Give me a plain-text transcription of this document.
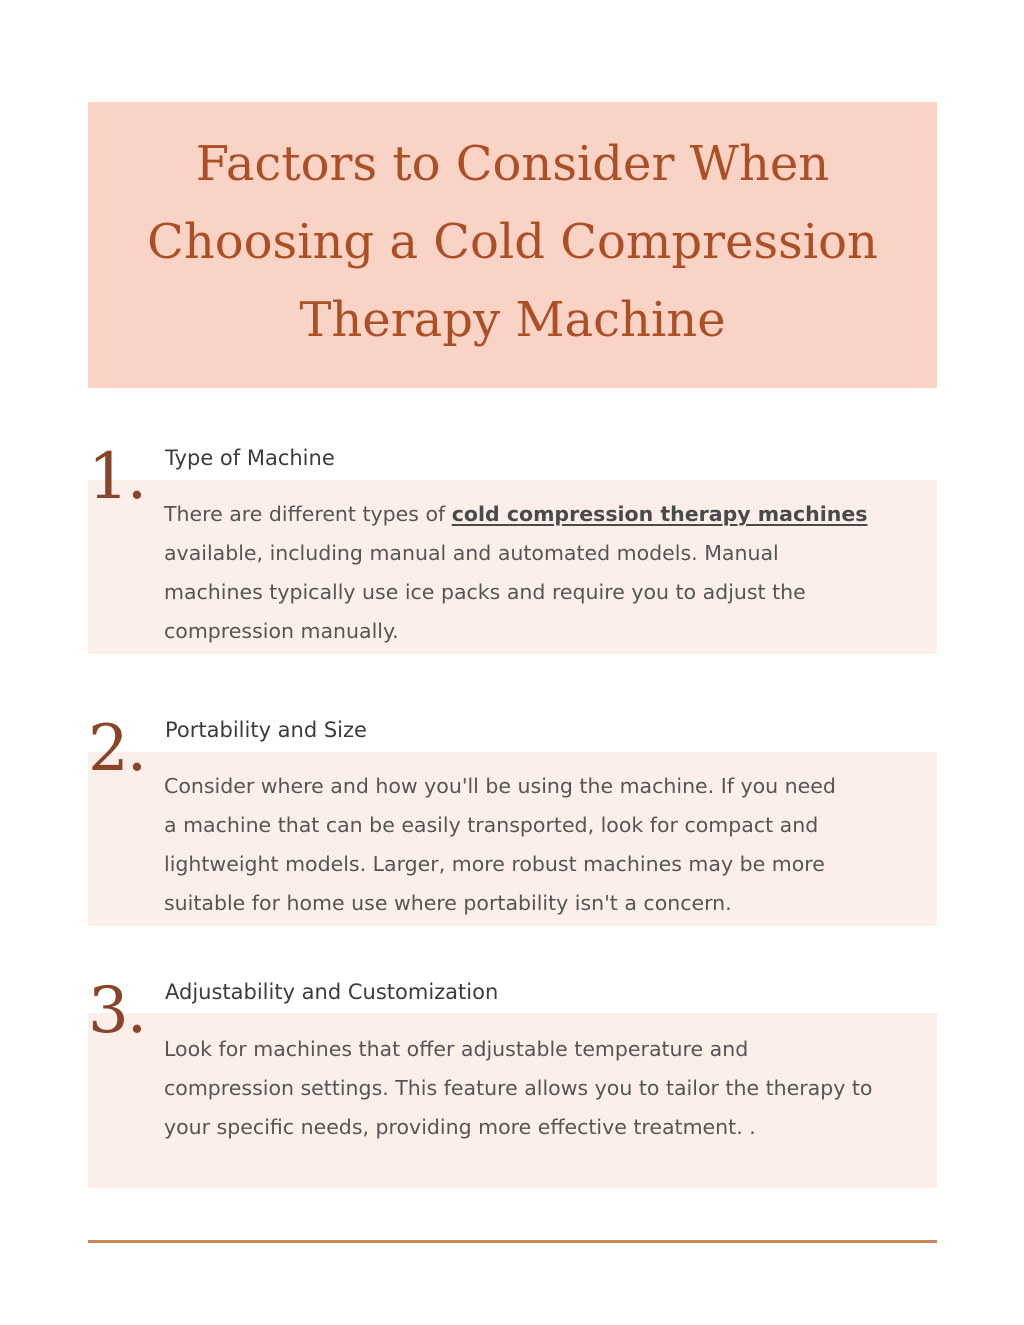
Factors to Consider When
Choosing a Cold Compression
Therapy Machine
1. Type of Machine
There are different types of cold compression therapy machines
available, including manual and automated models. Manual
machines typically use ice packs and require you to adjust the
compression manually.
2. Portability and Size
Consider where and how you'll be using the machine. If you need
a machine that can be easily transported, look for compact and
lightweight models. Larger, more robust machines may be more
suitable for home use where portability isn't a concern.
3. Adjustability and Customization
Look for machines that offer adjustable temperature and
compression settings. This feature allows you to tailor the therapy to
your specific needs, providing more effective treatment. .
